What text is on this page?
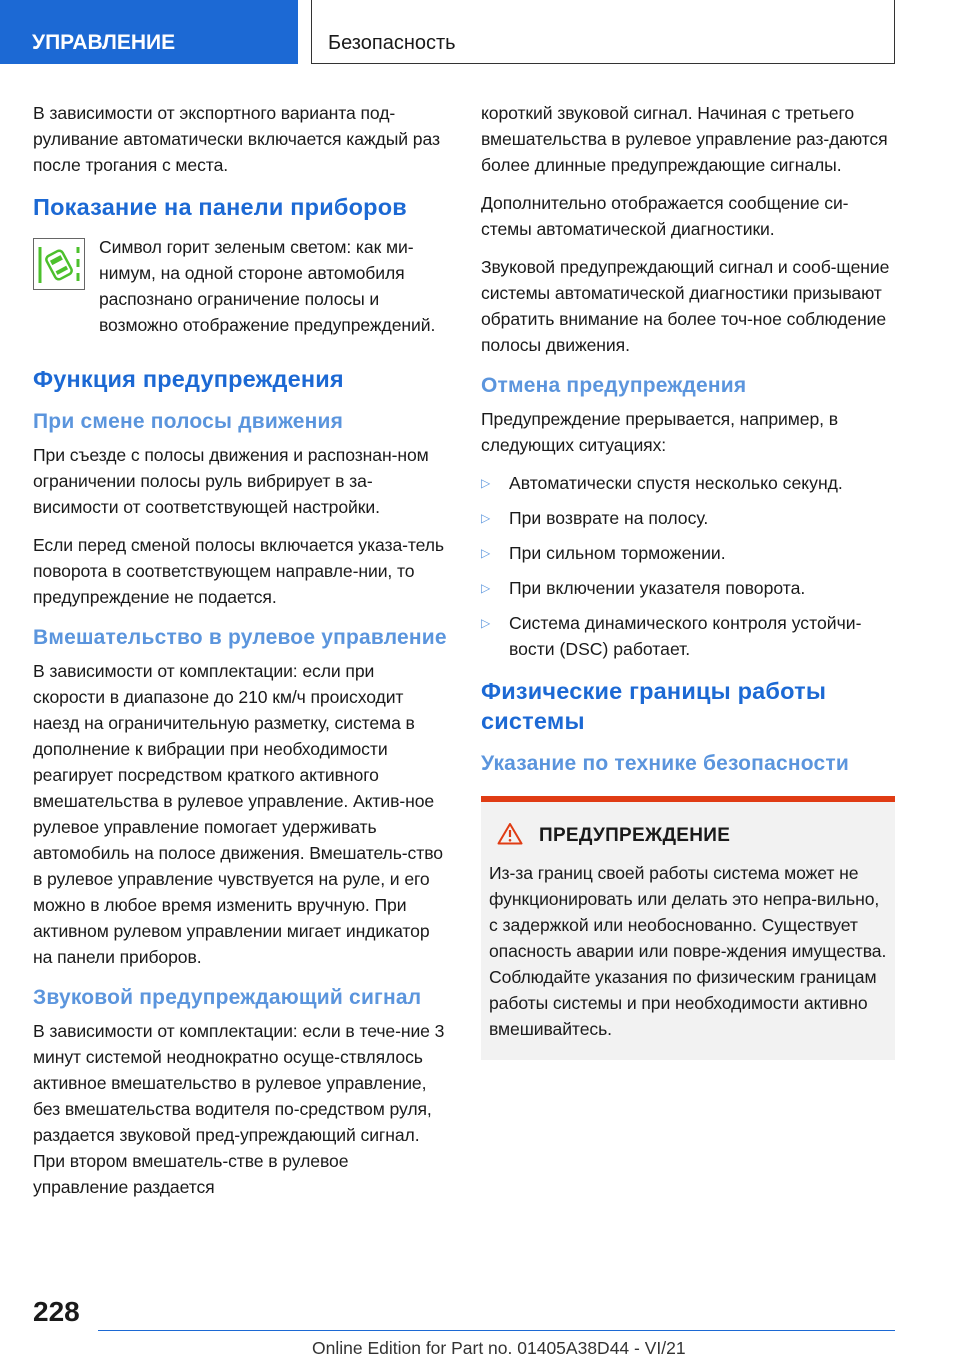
УПРАВЛЕНИЕ	Безопасность

В зависимости от экспортного варианта под-руливание автоматически включается каждый раз после трогания с места.

Показание на панели приборов

Символ горит зеленым светом: как ми-нимум, на одной стороне автомобиля распознано ограничение полосы и возможно отображение предупреждений.

Функция предупреждения
При смене полосы движения

При съезде с полосы движения и распознан-ном ограничении полосы руль вибрирует в за-висимости от соответствующей настройки.

Если перед сменой полосы включается указа-тель поворота в соответствующем направле-нии, то предупреждение не подается.

Вмешательство в рулевое управление

В зависимости от комплектации: если при скорости в диапазоне до 210 км/ч происходит наезд на ограничительную разметку, система в дополнение к вибрации при необходимости реагирует посредством краткого активного вмешательства в рулевое управление. Актив-ное рулевое управление помогает удерживать автомобиль на полосе движения. Вмешатель-ство в рулевое управление чувствуется на руле, и его можно в любое время изменить вручную. При активном рулевом управлении мигает индикатор на панели приборов.

Звуковой предупреждающий сигнал

В зависимости от комплектации: если в тече-ние 3 минут системой неоднократно осуще-ствлялось активное вмешательство в рулевое управление, без вмешательства водителя по-средством руля, раздается звуковой пред-упреждающий сигнал. При втором вмешатель-стве в рулевое управление раздается

короткий звуковой сигнал. Начиная с третьего вмешательства в рулевое управление раз-даются более длинные предупреждающие сигналы.

Дополнительно отображается сообщение си-стемы автоматической диагностики.

Звуковой предупреждающий сигнал и сооб-щение системы автоматической диагностики призывают обратить внимание на более точ-ное соблюдение полосы движения.

Отмена предупреждения

Предупреждение прерывается, например, в следующих ситуациях:

▷	Автоматически спустя несколько секунд.
▷	При возврате на полосу.
▷	При сильном торможении.
▷	При включении указателя поворота.
▷	Система динамического контроля устойчи-вости (DSC) работает.
Физические границы работы системы
Указание по технике безопасности
ПРЕДУПРЕЖДЕНИЕ

Из-за границ своей работы система может не функционировать или делать это непра-вильно, с задержкой или необоснованно. Существует опасность аварии или повре-ждения имущества. Соблюдайте указания по физическим границам работы системы и при необходимости активно вмешивайтесь.

228
Online Edition for Part no. 01405A38D44 - VI/21
